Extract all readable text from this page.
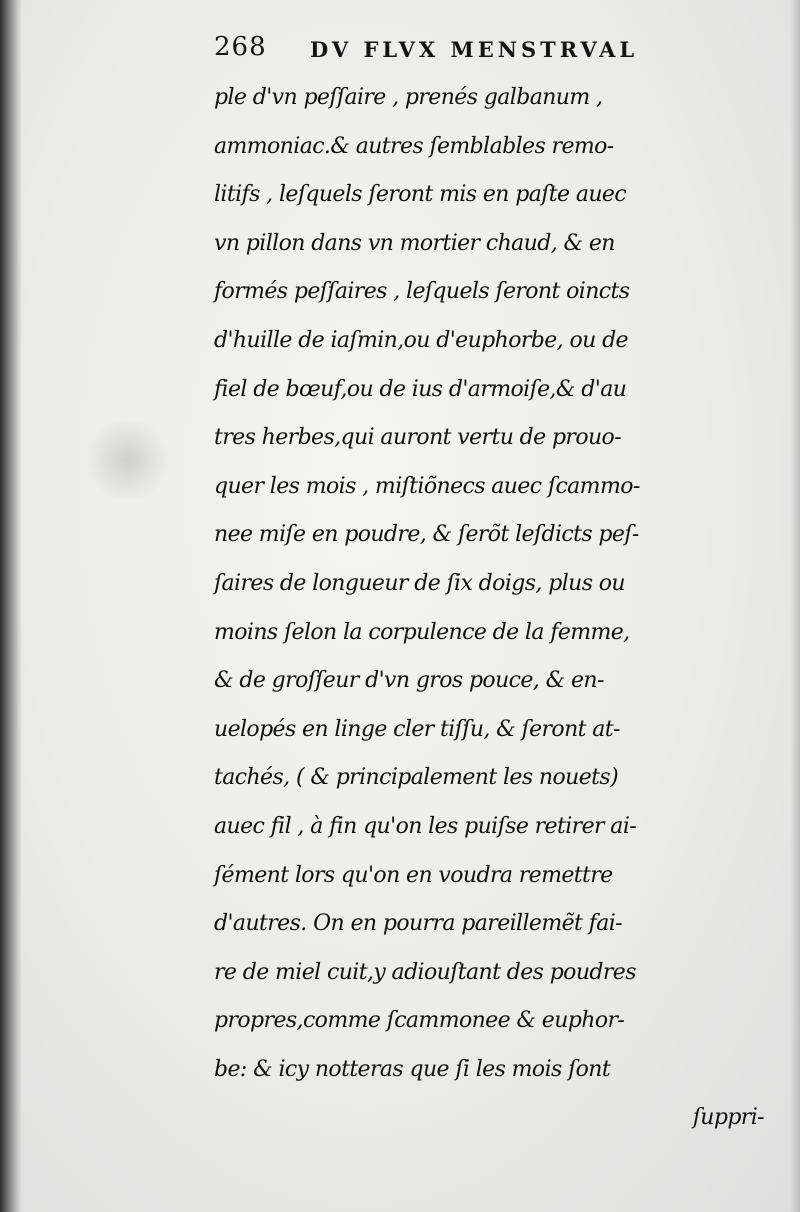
268 DV FLVX MENSTRVAL
ple d'vn peſſaire , prenés galbanum ,
ammoniac.& autres ſemblables remo-
litifs , leſquels ſeront mis en paſte auec
vn pillon dans vn mortier chaud, & en
formés peſſaires , leſquels ſeront oincts
d'huille de iaſmin,ou d'euphorbe, ou de
fiel de bœuf,ou de ius d'armoiſe,& d'au
tres herbes,qui auront vertu de prouo-
quer les mois , miſtiõnecs auec ſcammo-
nee miſe en poudre, & ſerõt leſdicts peſ-
ſaires de longueur de ſix doigs, plus ou
moins ſelon la corpulence de la femme,
& de groſſeur d'vn gros pouce, & en-
uelopés en linge cler tiſſu, & ſeront at-
tachés, ( & principalement les nouets)
auec fil , à fin qu'on les puiſse retirer ai-
ſément lors qu'on en voudra remettre
d'autres. On en pourra pareillemẽt fai-
re de miel cuit,y adiouſtant des poudres
propres,comme ſcammonee & euphor-
be: & icy notteras que ſi les mois ſont
ſuppri-
